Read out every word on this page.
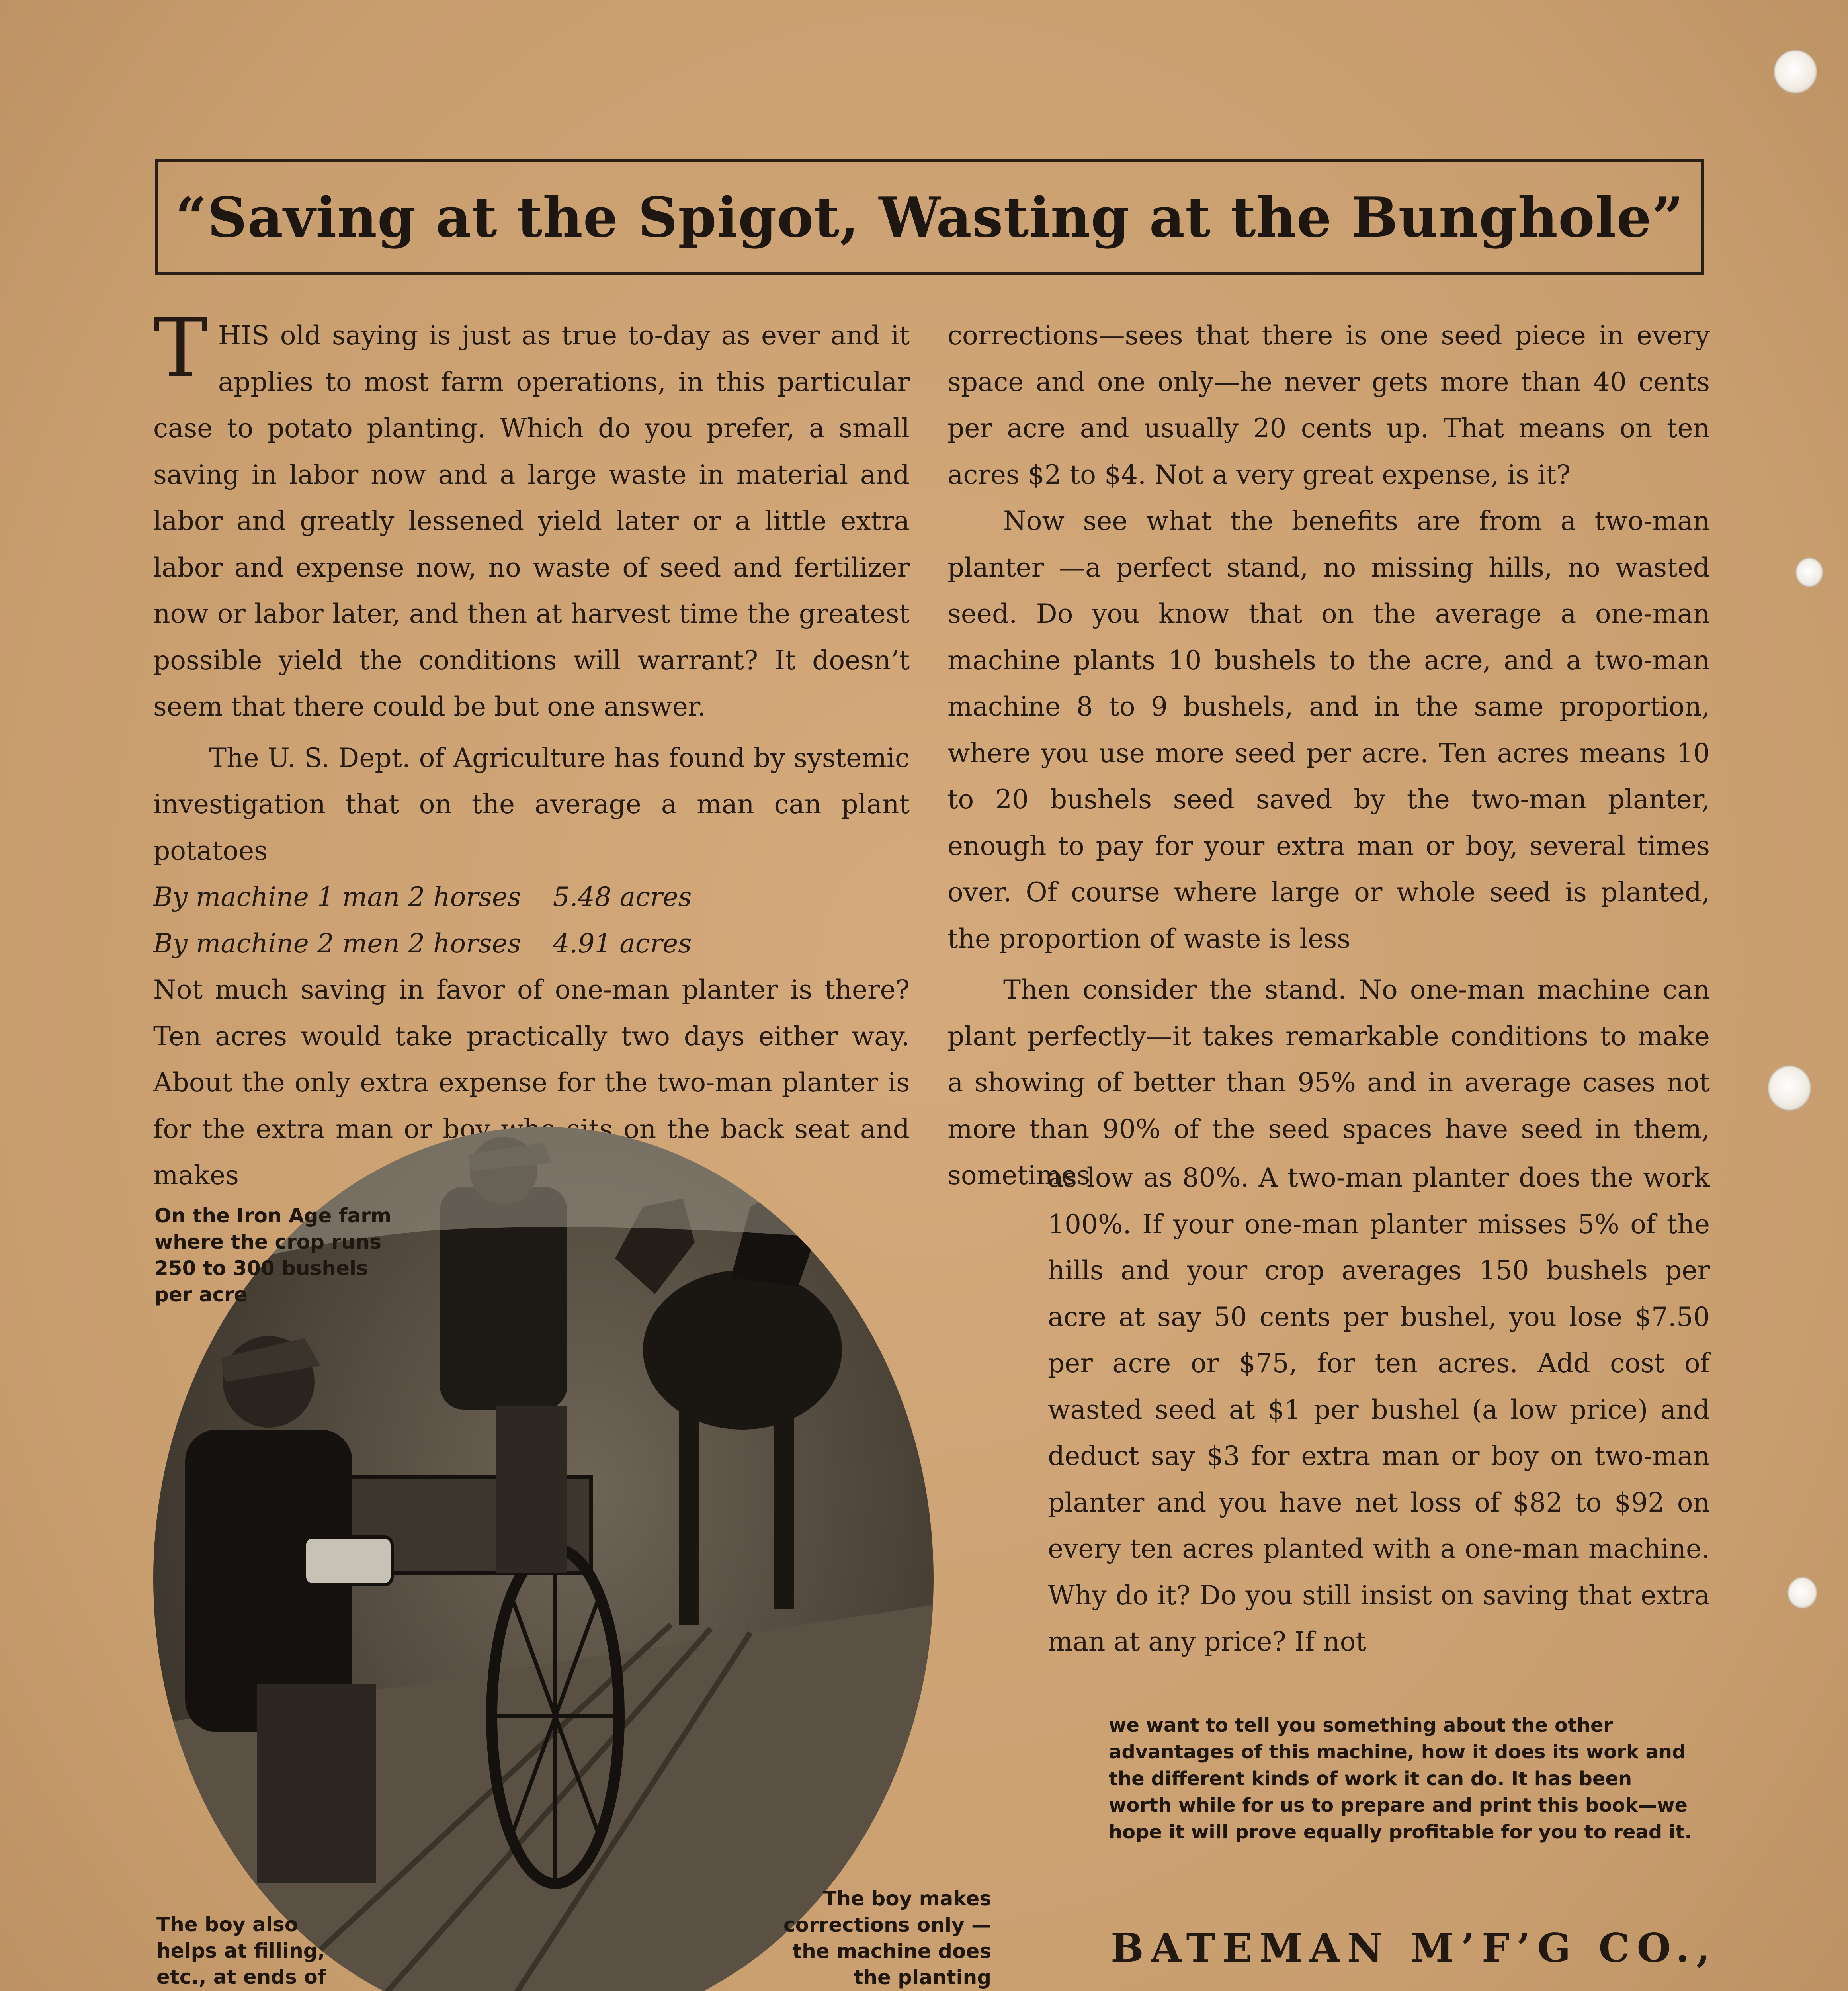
“Saving at the Spigot, Wasting at the Bunghole”

THIS old saying is just as true to-day as ever and it applies to most farm operations, in this particular case to potato planting. Which do you prefer, a small saving in labor now and a large waste in material and labor and greatly lessened yield later or a little extra labor and expense now, no waste of seed and fertilizer now or labor later, and then at harvest time the greatest possible yield the conditions will warrant? It doesn’t seem that there could be but one answer.

The U. S. Dept. of Agriculture has found by systemic investigation that on the average a man can plant potatoes

By machine 1 man 2 horses 5.48 acres

By machine 2 men 2 horses 4.91 acres

Not much saving in favor of one-man planter is there? Ten acres would take practically two days either way. About the only extra expense for the two-man planter is

corrections—sees that there is one seed piece in every space and one only—he never gets more than 40 cents per acre and usually 20 cents up. That means on ten acres $2 to $4. Not a very great expense, is it?

Now see what the benefits are from a two-man planter —a perfect stand, no missing hills, no wasted seed. Do you know that on the average a one-man machine plants 10 bushels to the acre, and a two-man machine 8 to 9 bushels, and in the same proportion, where you use more seed per acre. Ten acres means 10 to 20 bushels seed saved by the two-man planter, enough to pay for your extra man or boy, several times over. Of course where large or whole seed is planted, the proportion of waste is less

Then consider the stand. No one-man machine can plant perfectly—it takes remarkable conditions to make a showing of better than 95% and in average cases not more than 90% of the seed spaces have seed in them, sometimes

as low as 80%. A two-man planter does the work 100%. If your one-man planter misses 5% of the hills and your crop averages 150 bushels per acre at say 50 cents per bushel, you lose $7.50 per acre or $75, for ten acres. Add cost of wasted seed at $1 per bushel (a low price) and deduct say $3 for extra man or boy on two-man planter and you have net loss of $82 to $92 on every ten acres planted with a one-man machine. Why do it? Do you still insist on saving that extra man at any price? If not

On the Iron Age farm where the crop runs 250 to 300 bushels per acre
The boy also helps at filling, etc., at ends of
The boy makes corrections only —the machine does the planting
we want to tell you something about the other advantages of this machine, how it does its work and the different kinds of work it can do. It has been worth while for us to prepare and print this book—we hope it will prove equally profitable for you to read it.
BATEMAN M’F’G CO.,
